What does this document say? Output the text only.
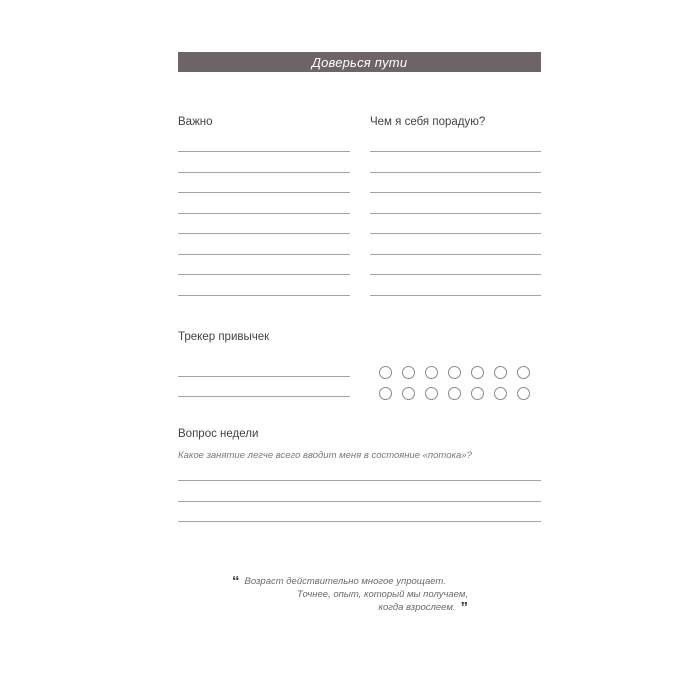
Доверься пути
Важно	Чем я себя порадую?
Трекер привычек
Вопрос недели
Какое занятие легче всего вводит меня в состояние «потока»?
“ Возраст действительно многое упрощает.
Точнее, опыт, который мы получаем,
когда взрослеем. ”
